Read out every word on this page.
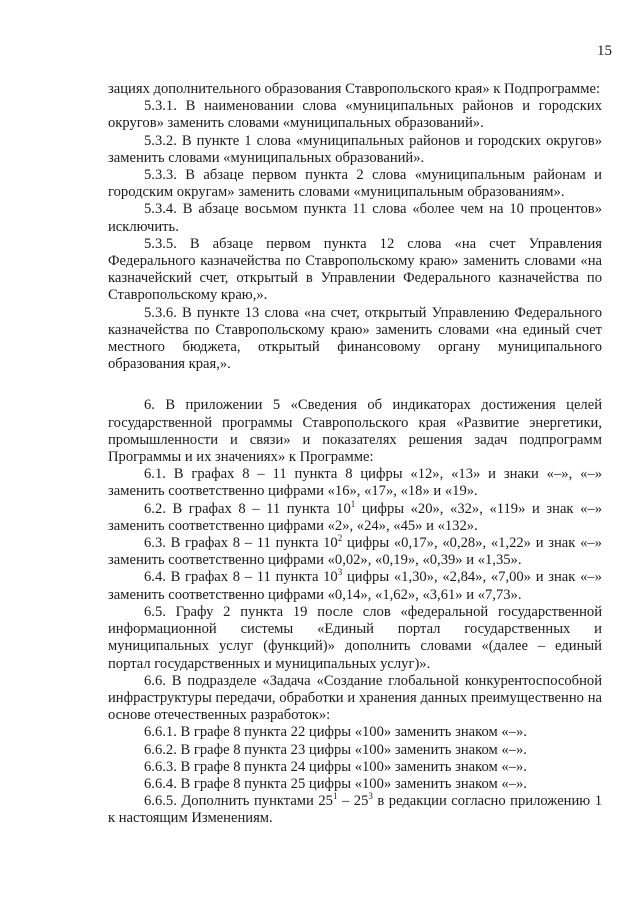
15

зациях дополнительного образования Ставропольского края» к Подпрограмме:

5.3.1. В наименовании слова «муниципальных районов и городских округов» заменить словами «муниципальных образований».

5.3.2. В пункте 1 слова «муниципальных районов и городских округов» заменить словами «муниципальных образований».

5.3.3. В абзаце первом пункта 2 слова «муниципальным районам и городским округам» заменить словами «муниципальным образованиям».

5.3.4. В абзаце восьмом пункта 11 слова «более чем на 10 процентов» исключить.

5.3.5. В абзаце первом пункта 12 слова «на счет Управления Федерального казначейства по Ставропольскому краю» заменить словами «на казначейский счет, открытый в Управлении Федерального казначейства по Ставропольскому краю,».

5.3.6. В пункте 13 слова «на счет, открытый Управлению Федерального казначейства по Ставропольскому краю» заменить словами «на единый счет местного бюджета, открытый финансовому органу муниципального образования края,».

6. В приложении 5 «Сведения об индикаторах достижения целей государственной программы Ставропольского края «Развитие энергетики, промышленности и связи» и показателях решения задач подпрограмм Программы и их значениях» к Программе:

6.1. В графах 8 – 11 пункта 8 цифры «12», «13» и знаки «–», «–» заменить соответственно цифрами «16», «17», «18» и «19».

6.2. В графах 8 – 11 пункта $10^1$ цифры «20», «32», «119» и знак «–» заменить соответственно цифрами «2», «24», «45» и «132».

6.3. В графах 8 – 11 пункта $10^2$ цифры «0,17», «0,28», «1,22» и знак «–» заменить соответственно цифрами «0,02», «0,19», «0,39» и «1,35».

6.4. В графах 8 – 11 пункта $10^3$ цифры «1,30», «2,84», «7,00» и знак «–» заменить соответственно цифрами «0,14», «1,62», «3,61» и «7,73».

6.5. Графу 2 пункта 19 после слов «федеральной государственной информационной системы «Единый портал государственных и муниципальных услуг (функций)» дополнить словами «(далее – единый портал государственных и муниципальных услуг)».

6.6. В подразделе «Задача «Создание глобальной конкурентоспособной инфраструктуры передачи, обработки и хранения данных преимущественно на основе отечественных разработок»:

6.6.1. В графе 8 пункта 22 цифры «100» заменить знаком «–».

6.6.2. В графе 8 пункта 23 цифры «100» заменить знаком «–».

6.6.3. В графе 8 пункта 24 цифры «100» заменить знаком «–».

6.6.4. В графе 8 пункта 25 цифры «100» заменить знаком «–».

6.6.5. Дополнить пунктами $25^1 - 25^3$ в редакции согласно приложению 1 к настоящим Изменениям.
